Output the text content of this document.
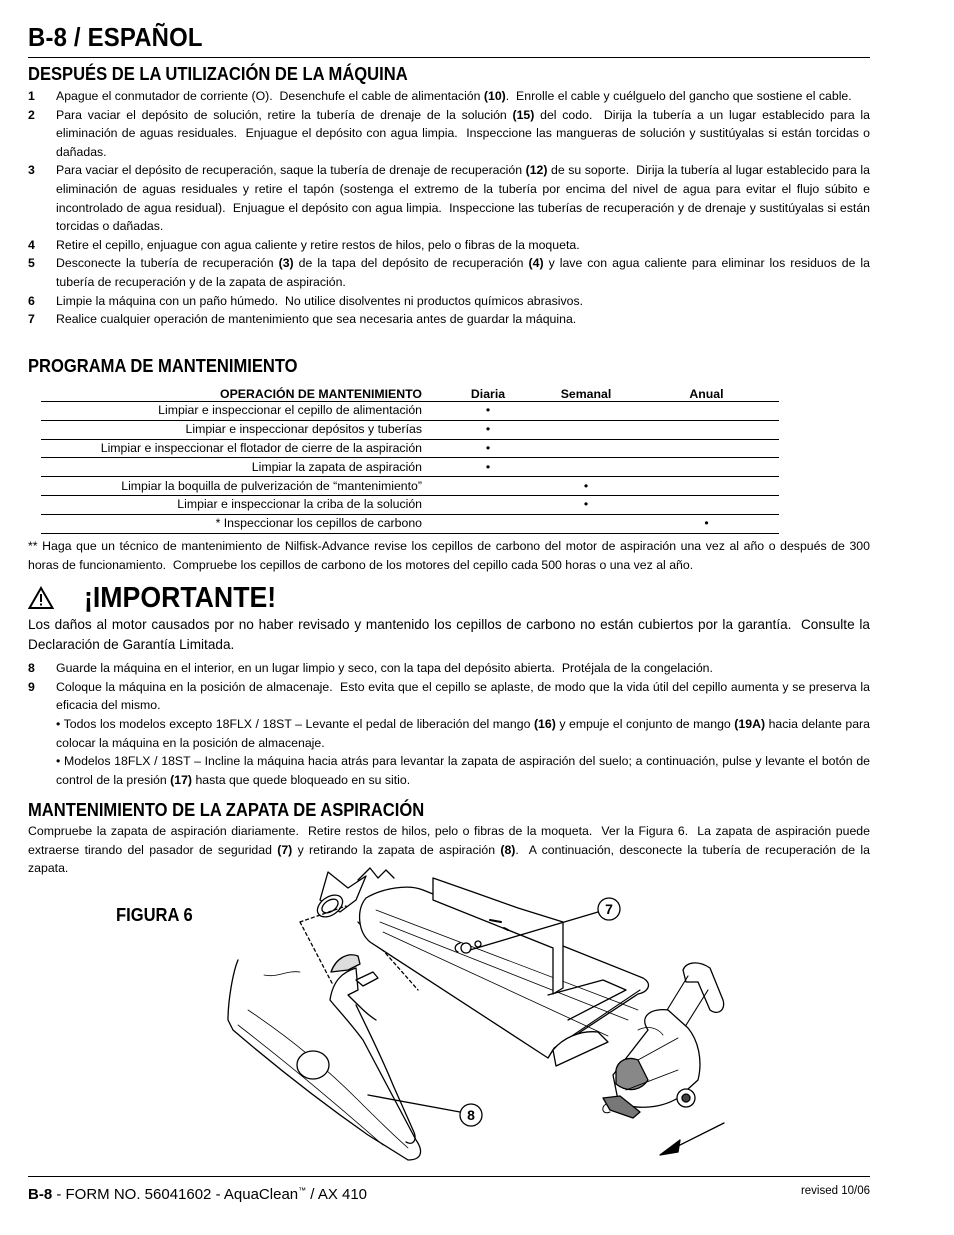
B-8 / ESPAÑOL
DESPUÉS DE LA UTILIZACIÓN DE LA MÁQUINA
1 Apague el conmutador de corriente (O).  Desenchufe el cable de alimentación (10).  Enrolle el cable y cuélguelo del gancho que sostiene el cable.
2 Para vaciar el depósito de solución, retire la tubería de drenaje de la solución (15) del codo.  Dirija la tubería a un lugar establecido para la eliminación de aguas residuales.  Enjuague el depósito con agua limpia.  Inspeccione las mangueras de solución y sustitúyalas si están torcidas o dañadas.
3 Para vaciar el depósito de recuperación, saque la tubería de drenaje de recuperación (12) de su soporte.  Dirija la tubería al lugar establecido para la eliminación de aguas residuales y retire el tapón (sostenga el extremo de la tubería por encima del nivel de agua para evitar el flujo súbito e incontrolado de agua residual).  Enjuague el depósito con agua limpia.  Inspeccione las tuberías de recuperación y de drenaje y sustitúyalas si están torcidas o dañadas.
4 Retire el cepillo, enjuague con agua caliente y retire restos de hilos, pelo o fibras de la moqueta.
5 Desconecte la tubería de recuperación (3) de la tapa del depósito de recuperación (4) y lave con agua caliente para eliminar los residuos de la tubería de recuperación y de la zapata de aspiración.
6 Limpie la máquina con un paño húmedo.  No utilice disolventes ni productos químicos abrasivos.
7 Realice cualquier operación de mantenimiento que sea necesaria antes de guardar la máquina.
PROGRAMA DE MANTENIMIENTO
OPERACIÓN DE MANTENIMIENTO	Diaria	Semanal	Anual
Limpiar e inspeccionar el cepillo de alimentación	•		
Limpiar e inspeccionar depósitos y tuberías	•		
Limpiar e inspeccionar el flotador de cierre de la aspiración	•		
Limpiar la zapata de aspiración	•		
Limpiar la boquilla de pulverización de “mantenimiento”		•	
Limpiar e inspeccionar la criba de la solución		•	
* Inspeccionar los cepillos de carbono			•
** Haga que un técnico de mantenimiento de Nilfisk-Advance revise los cepillos de carbono del motor de aspiración una vez al año o después de 300 horas de funcionamiento.  Compruebe los cepillos de carbono de los motores del cepillo cada 500 horas o una vez al año.
¡IMPORTANTE!
Los daños al motor causados por no haber revisado y mantenido los cepillos de carbono no están cubiertos por la garantía.  Consulte la Declaración de Garantía Limitada.
8 Guarde la máquina en el interior, en un lugar limpio y seco, con la tapa del depósito abierta.  Protéjala de la congelación.
9 Coloque la máquina en la posición de almacenaje.  Esto evita que el cepillo se aplaste, de modo que la vida útil del cepillo aumenta y se preserva la eficacia del mismo.
• Todos los modelos excepto 18FLX / 18ST – Levante el pedal de liberación del mango (16) y empuje el conjunto de mango (19A) hacia delante para colocar la máquina en la posición de almacenaje.
• Modelos 18FLX / 18ST – Incline la máquina hacia atrás para levantar la zapata de aspiración del suelo; a continuación, pulse y levante el botón de control de la presión (17) hasta que quede bloqueado en su sitio.
MANTENIMIENTO DE LA ZAPATA DE ASPIRACIÓN
Compruebe la zapata de aspiración diariamente.  Retire restos de hilos, pelo o fibras de la moqueta.  Ver la Figura 6.  La zapata de aspiración puede extraerse tirando del pasador de seguridad (7) y retirando la zapata de aspiración (8).  A continuación, desconecte la tubería de recuperación de la zapata.
FIGURA 6	7
8
B-8 - FORM NO. 56041602 - AquaClean™ / AX 410	revised 10/06
